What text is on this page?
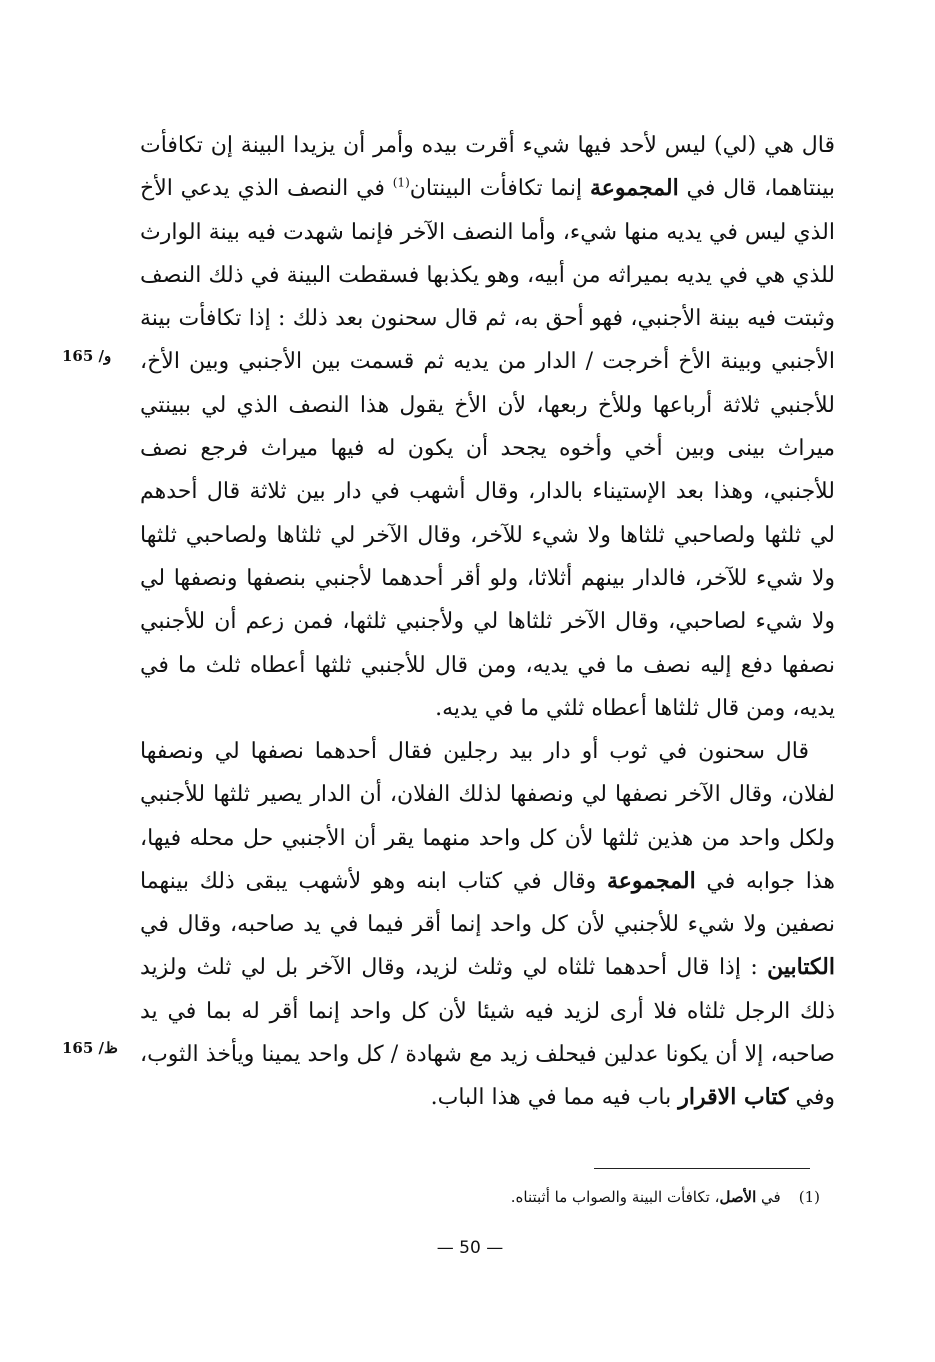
قال هي (لي) ليس لأحد فيها شيء أقرت بيده وأمر أن يزيدا البينة إن تكافأت بينتاهما، قال في المجموعة إنما تكافأت البينتان$^{(1)}$ في النصف الذي يدعي الأخ الذي ليس في يديه منها شيء، وأما النصف الآخر فإنما شهدت فيه بينة الوارث للذي هي في يديه بميراثه من أبيه، وهو يكذبها فسقطت البينة في ذلك النصف وثبتت فيه بينة الأجنبي، فهو أحق به، ثم قال سحنون بعد ذلك : إذا تكافأت بينة الأجنبي وبينة الأخ أخرجت / الدار من يديه ثم قسمت بين الأجنبي وبين الأخ، للأجنبي ثلاثة أرباعها وللأخ ربعها، لأن الأخ يقول هذا النصف الذي لي ببينتي ميراث بينى وبين أخي وأخوه يجحد أن يكون له فيها ميراث فرجع نصف للأجنبي، وهذا بعد الإستيناء بالدار، وقال أشهب في دار بين ثلاثة قال أحدهم لي ثلثها ولصاحبي ثلثاها ولا شيء للآخر، وقال الآخر لي ثلثاها ولصاحبي ثلثها ولا شيء للآخر، فالدار بينهم أثلاثا، ولو أقر أحدهما لأجنبي بنصفها ونصفها لي ولا شيء لصاحبي، وقال الآخر ثلثاها لي ولأجنبي ثلثها، فمن زعم أن للأجنبي نصفها دفع إليه نصف ما في يديه، ومن قال للأجنبي ثلثها أعطاه ثلث ما في يديه، ومن قال ثلثاها أعطاه ثلثي ما في يديه.
قال سحنون في ثوب أو دار بيد رجلين فقال أحدهما نصفها لي ونصفها لفلان، وقال الآخر نصفها لي ونصفها لذلك الفلان، أن الدار يصير ثلثها للأجنبي ولكل واحد من هذين ثلثها لأن كل واحد منهما يقر أن الأجنبي حل محله فيها، هذا جوابه في المجموعة وقال في كتاب ابنه وهو لأشهب يبقى ذلك بينهما نصفين ولا شيء للأجنبي لأن كل واحد إنما أقر فيما في يد صاحبه، وقال في الكتابين : إذا قال أحدهما ثلثاه لي وثلث لزيد، وقال الآخر بل لي ثلث ولزيد ذلك الرجل ثلثاه فلا أرى لزيد فيه شيئا لأن كل واحد إنما أقر له بما في يد صاحبه، إلا أن يكونا عدلين فيحلف زيد مع شهادة / كل واحد يمينا ويأخذ الثوب، وفي كتاب الاقرار باب فيه مما في هذا الباب.
165 /و
165 /ظ
(1)في الأصل، تكافأت البينة والصواب ما أثبتناه.
— 50 —
